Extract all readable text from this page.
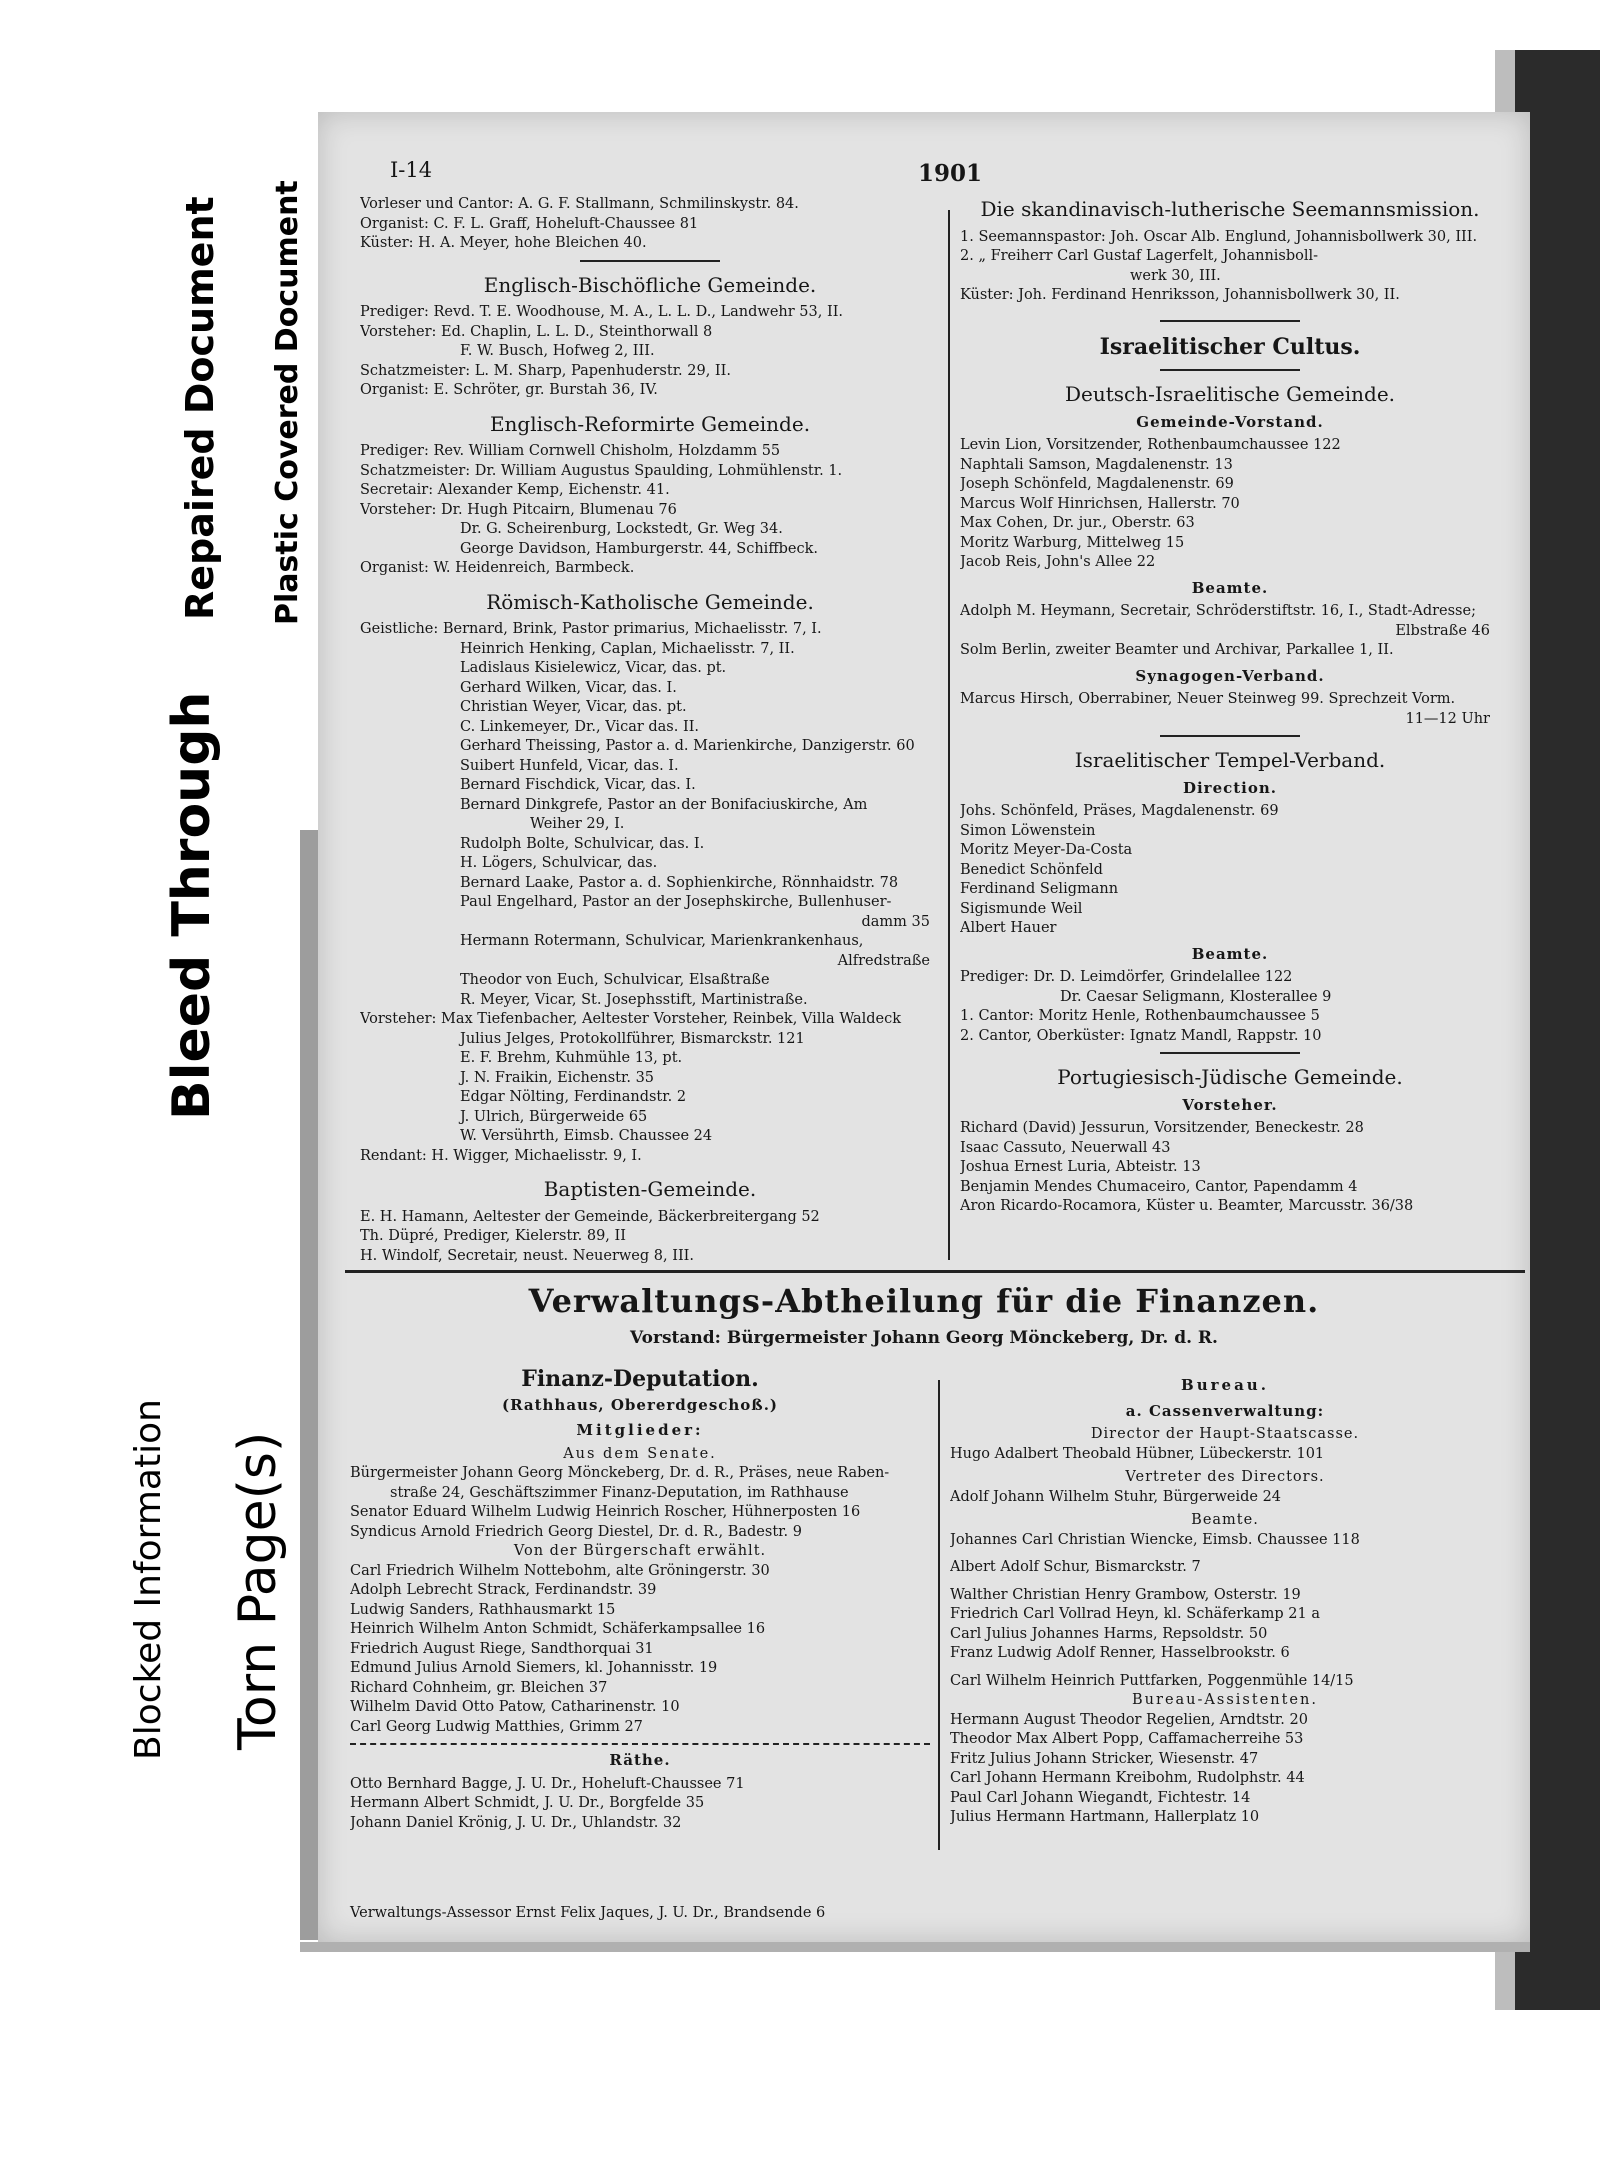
Repaired Document Plastic Covered Document
Bleed Through
Blocked Information Torn Page(s)
I-14	1901
Vorleser und Cantor: A. G. F. Stallmann, Schmilinskystr. 84.
Organist: C. F. L. Graff, Hoheluft-Chaussee 81
Küster: H. A. Meyer, hohe Bleichen 40.
Englisch-Bischöfliche Gemeinde.
Prediger: Revd. T. E. Woodhouse, M. A., L. L. D., Landwehr 53, II.
Vorsteher: Ed. Chaplin, L. L. D., Steinthorwall 8
F. W. Busch, Hofweg 2, III.
Schatzmeister: L. M. Sharp, Papenhuderstr. 29, II.
Organist: E. Schröter, gr. Burstah 36, IV.
Englisch-Reformirte Gemeinde.
Prediger: Rev. William Cornwell Chisholm, Holzdamm 55
Schatzmeister: Dr. William Augustus Spaulding, Lohmühlenstr. 1.
Secretair: Alexander Kemp, Eichenstr. 41.
Vorsteher: Dr. Hugh Pitcairn, Blumenau 76
Dr. G. Scheirenburg, Lockstedt, Gr. Weg 34.
George Davidson, Hamburgerstr. 44, Schiffbeck.
Organist: W. Heidenreich, Barmbeck.
Römisch-Katholische Gemeinde.
Geistliche: Bernard, Brink, Pastor primarius, Michaelisstr. 7, I.
Heinrich Henking, Caplan, Michaelisstr. 7, II.
Ladislaus Kisielewicz, Vicar, das. pt.
Gerhard Wilken, Vicar, das. I.
Christian Weyer, Vicar, das. pt.
C. Linkemeyer, Dr., Vicar das. II.
Gerhard Theissing, Pastor a. d. Marienkirche, Danzigerstr. 60
Suibert Hunfeld, Vicar, das. I.
Bernard Fischdick, Vicar, das. I.
Bernard Dinkgrefe, Pastor an der Bonifaciuskirche, Am
Weiher 29, I.
Rudolph Bolte, Schulvicar, das. I.
H. Lögers, Schulvicar, das.
Bernard Laake, Pastor a. d. Sophienkirche, Rönnhaidstr. 78
Paul Engelhard, Pastor an der Josephskirche, Bullenhuser-
damm 35
Hermann Rotermann, Schulvicar, Marienkrankenhaus,
Alfredstraße
Theodor von Euch, Schulvicar, Elsaßtraße
R. Meyer, Vicar, St. Josephsstift, Martinistraße.
Vorsteher: Max Tiefenbacher, Aeltester Vorsteher, Reinbek, Villa Waldeck
Julius Jelges, Protokollführer, Bismarckstr. 121
E. F. Brehm, Kuhmühle 13, pt.
J. N. Fraikin, Eichenstr. 35
Edgar Nölting, Ferdinandstr. 2
J. Ulrich, Bürgerweide 65
W. Versührth, Eimsb. Chaussee 24
Rendant: H. Wigger, Michaelisstr. 9, I.
Baptisten-Gemeinde.
E. H. Hamann, Aeltester der Gemeinde, Bäckerbreitergang 52
Th. Düpré, Prediger, Kielerstr. 89, II
H. Windolf, Secretair, neust. Neuerweg 8, III.
Die skandinavisch-lutherische Seemannsmission.
1. Seemannspastor: Joh. Oscar Alb. Englund, Johannisbollwerk 30, III.
2. „ Freiherr Carl Gustaf Lagerfelt, Johannisboll-
werk 30, III.
Küster: Joh. Ferdinand Henriksson, Johannisbollwerk 30, II.
Israelitischer Cultus.
Deutsch-Israelitische Gemeinde.
Gemeinde-Vorstand.
Levin Lion, Vorsitzender, Rothenbaumchaussee 122
Naphtali Samson, Magdalenenstr. 13
Joseph Schönfeld, Magdalenenstr. 69
Marcus Wolf Hinrichsen, Hallerstr. 70
Max Cohen, Dr. jur., Oberstr. 63
Moritz Warburg, Mittelweg 15
Jacob Reis, John's Allee 22
Beamte.
Adolph M. Heymann, Secretair, Schröderstiftstr. 16, I., Stadt-Adresse;
Elbstraße 46
Solm Berlin, zweiter Beamter und Archivar, Parkallee 1, II.
Synagogen-Verband.
Marcus Hirsch, Oberrabiner, Neuer Steinweg 99. Sprechzeit Vorm.
11—12 Uhr
Israelitischer Tempel-Verband.
Direction.
Johs. Schönfeld, Präses, Magdalenenstr. 69
Simon Löwenstein
Moritz Meyer-Da-Costa
Benedict Schönfeld
Ferdinand Seligmann
Sigismunde Weil
Albert Hauer
Beamte.
Prediger: Dr. D. Leimdörfer, Grindelallee 122
Dr. Caesar Seligmann, Klosterallee 9
1. Cantor: Moritz Henle, Rothenbaumchaussee 5
2. Cantor, Oberküster: Ignatz Mandl, Rappstr. 10
Portugiesisch-Jüdische Gemeinde.
Vorsteher.
Richard (David) Jessurun, Vorsitzender, Beneckestr. 28
Isaac Cassuto, Neuerwall 43
Joshua Ernest Luria, Abteistr. 13
Benjamin Mendes Chumaceiro, Cantor, Papendamm 4
Aron Ricardo-Rocamora, Küster u. Beamter, Marcusstr. 36/38
Verwaltungs-Abtheilung für die Finanzen.
Vorstand: Bürgermeister Johann Georg Mönckeberg, Dr. d. R.
Finanz-Deputation.
(Rathhaus, Obererdgeschoß.)
Mitglieder:
Aus dem Senate.
Bürgermeister Johann Georg Mönckeberg, Dr. d. R., Präses, neue Raben-
straße 24, Geschäftszimmer Finanz-Deputation, im Rathhause
Senator Eduard Wilhelm Ludwig Heinrich Roscher, Hühnerposten 16
Syndicus Arnold Friedrich Georg Diestel, Dr. d. R., Badestr. 9
Von der Bürgerschaft erwählt.
Carl Friedrich Wilhelm Nottebohm, alte Gröningerstr. 30
Adolph Lebrecht Strack, Ferdinandstr. 39
Ludwig Sanders, Rathhausmarkt 15
Heinrich Wilhelm Anton Schmidt, Schäferkampsallee 16
Friedrich August Riege, Sandthorquai 31
Edmund Julius Arnold Siemers, kl. Johannisstr. 19
Richard Cohnheim, gr. Bleichen 37
Wilhelm David Otto Patow, Catharinenstr. 10
Carl Georg Ludwig Matthies, Grimm 27
Räthe.
Otto Bernhard Bagge, J. U. Dr., Hoheluft-Chaussee 71
Hermann Albert Schmidt, J. U. Dr., Borgfelde 35
Johann Daniel Krönig, J. U. Dr., Uhlandstr. 32
Verwaltungs-Assessor Ernst Felix Jaques, J. U. Dr., Brandsende 6
Bureau.
a. Cassenverwaltung:
Director der Haupt-Staatscasse.
Hugo Adalbert Theobald Hübner, Lübeckerstr. 101
Vertreter des Directors.
Adolf Johann Wilhelm Stuhr, Bürgerweide 24
Beamte.
Johannes Carl Christian Wiencke, Eimsb. Chaussee 118
Albert Adolf Schur, Bismarckstr. 7
Walther Christian Henry Grambow, Osterstr. 19
Friedrich Carl Vollrad Heyn, kl. Schäferkamp 21 a
Carl Julius Johannes Harms, Repsoldstr. 50
Franz Ludwig Adolf Renner, Hasselbrookstr. 6
Carl Wilhelm Heinrich Puttfarken, Poggenmühle 14/15
Bureau-Assistenten.
Hermann August Theodor Regelien, Arndtstr. 20
Theodor Max Albert Popp, Caffamacherreihe 53
Fritz Julius Johann Stricker, Wiesenstr. 47
Carl Johann Hermann Kreibohm, Rudolphstr. 44
Paul Carl Johann Wiegandt, Fichtestr. 14
Julius Hermann Hartmann, Hallerplatz 10
